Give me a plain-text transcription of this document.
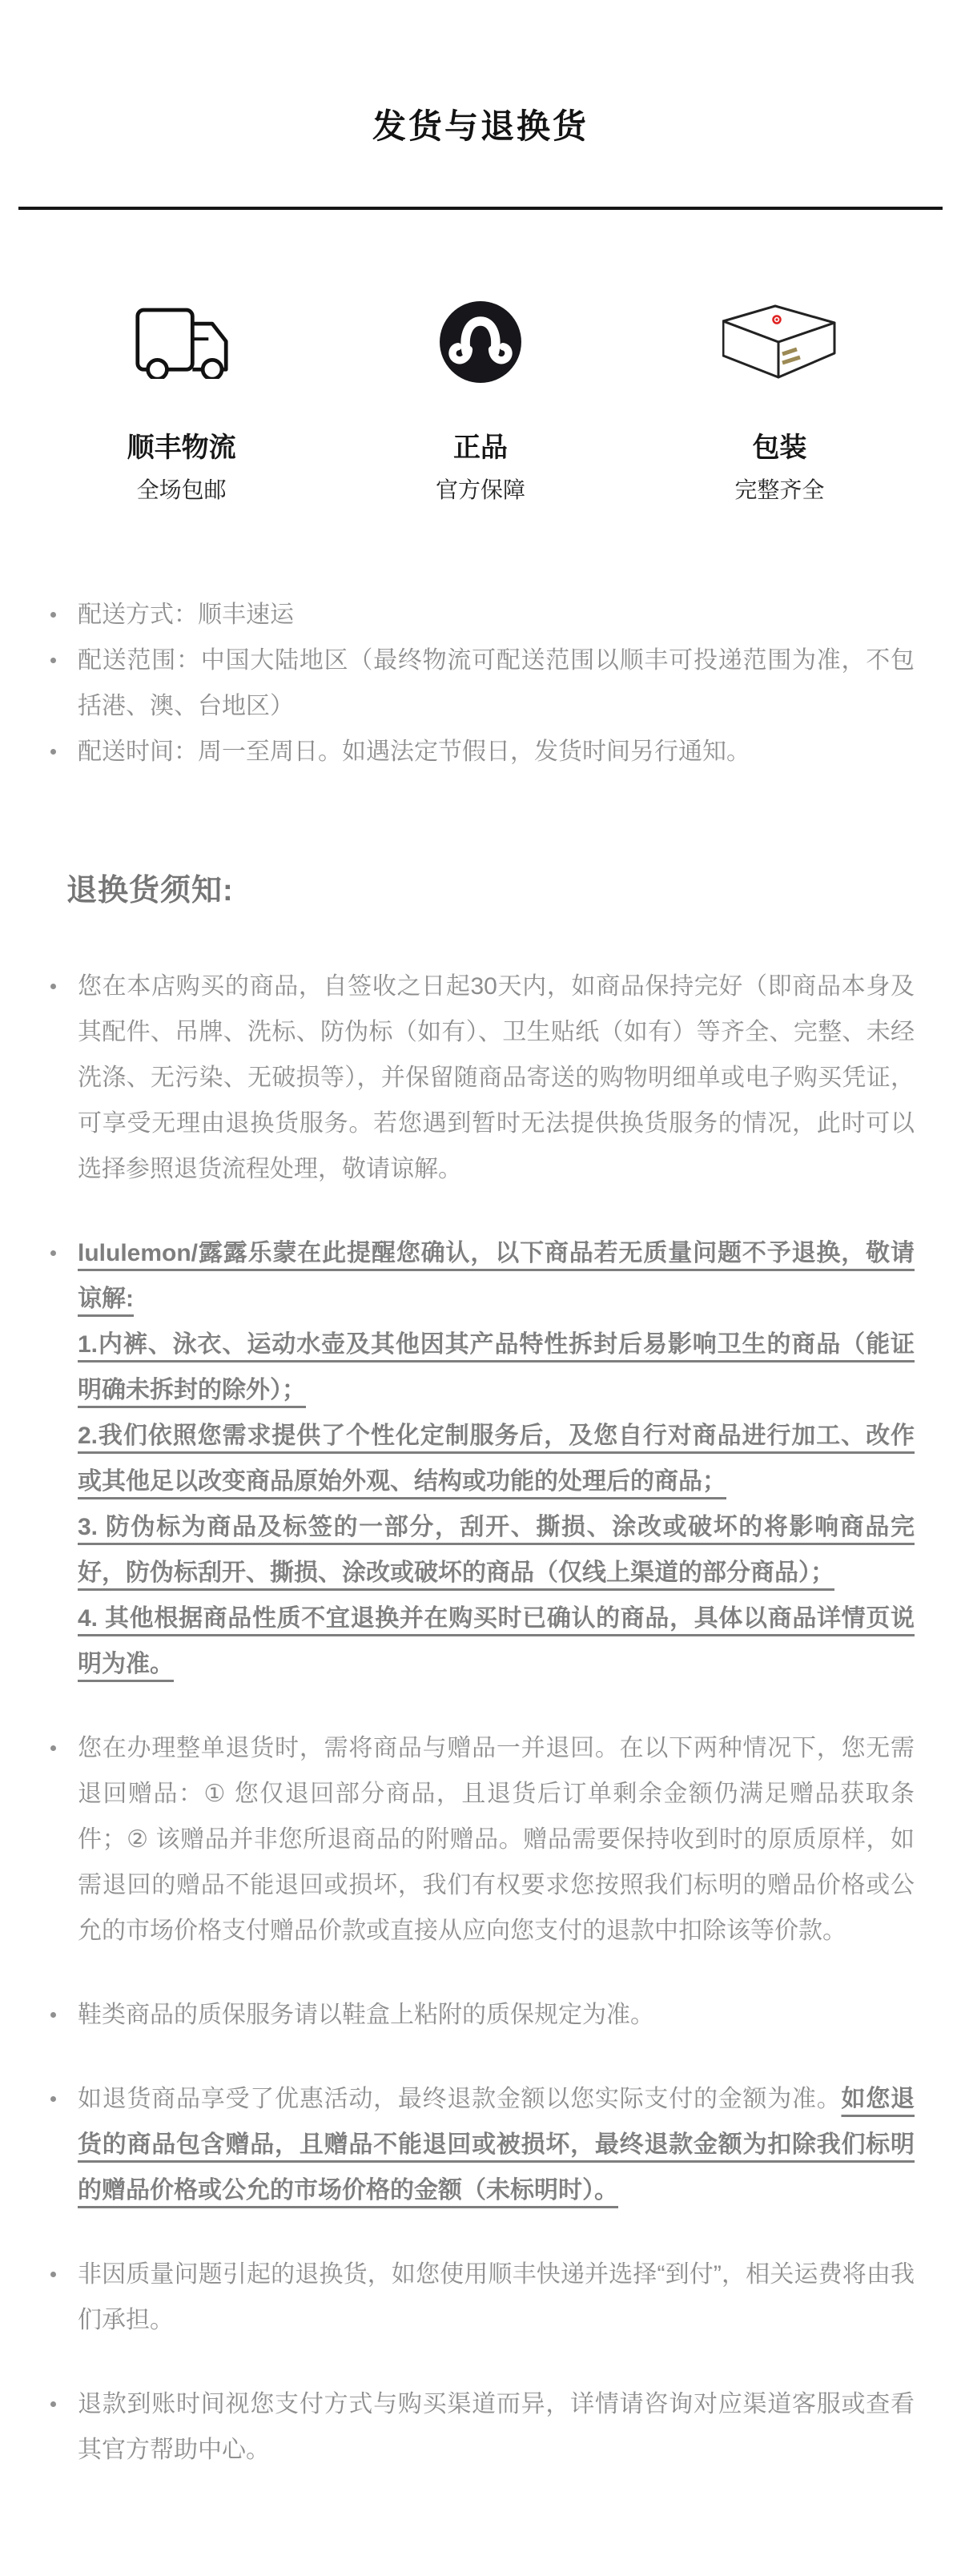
发货与退换货
顺丰物流
全场包邮
正品
官方保障
包装
完整齐全
配送方式：顺丰速运
配送范围：中国大陆地区（最终物流可配送范围以顺丰可投递范围为准，不包括港、澳、台地区）
配送时间：周一至周日。如遇法定节假日，发货时间另行通知。
退换货须知:
您在本店购买的商品，自签收之日起30天内，如商品保持完好（即商品本身及其配件、吊牌、洗标、防伪标（如有）、卫生贴纸（如有）等齐全、完整、未经洗涤、无污染、无破损等），并保留随商品寄送的购物明细单或电子购买凭证，可享受无理由退换货服务。若您遇到暂时无法提供换货服务的情况，此时可以选择参照退货流程处理，敬请谅解。
lululemon/露露乐蒙在此提醒您确认，以下商品若无质量问题不予退换，敬请谅解:
1.内裤、泳衣、运动水壶及其他因其产品特性拆封后易影响卫生的商品（能证明确未拆封的除外）；
2.我们依照您需求提供了个性化定制服务后，及您自行对商品进行加工、改作或其他足以改变商品原始外观、结构或功能的处理后的商品；
3. 防伪标为商品及标签的一部分，刮开、撕损、涂改或破坏的将影响商品完好，防伪标刮开、撕损、涂改或破坏的商品（仅线上渠道的部分商品）；
4. 其他根据商品性质不宜退换并在购买时已确认的商品，具体以商品详情页说明为准。
您在办理整单退货时，需将商品与赠品一并退回。在以下两种情况下，您无需退回赠品：① 您仅退回部分商品，且退货后订单剩余金额仍满足赠品获取条件；② 该赠品并非您所退商品的附赠品。赠品需要保持收到时的原质原样，如需退回的赠品不能退回或损坏，我们有权要求您按照我们标明的赠品价格或公允的市场价格支付赠品价款或直接从应向您支付的退款中扣除该等价款。
鞋类商品的质保服务请以鞋盒上粘附的质保规定为准。
如退货商品享受了优惠活动，最终退款金额以您实际支付的金额为准。如您退货的商品包含赠品，且赠品不能退回或被损坏，最终退款金额为扣除我们标明的赠品价格或公允的市场价格的金额（未标明时）。
非因质量问题引起的退换货，如您使用顺丰快递并选择“到付”，相关运费将由我们承担。
退款到账时间视您支付方式与购买渠道而异，详情请咨询对应渠道客服或查看其官方帮助中心。
